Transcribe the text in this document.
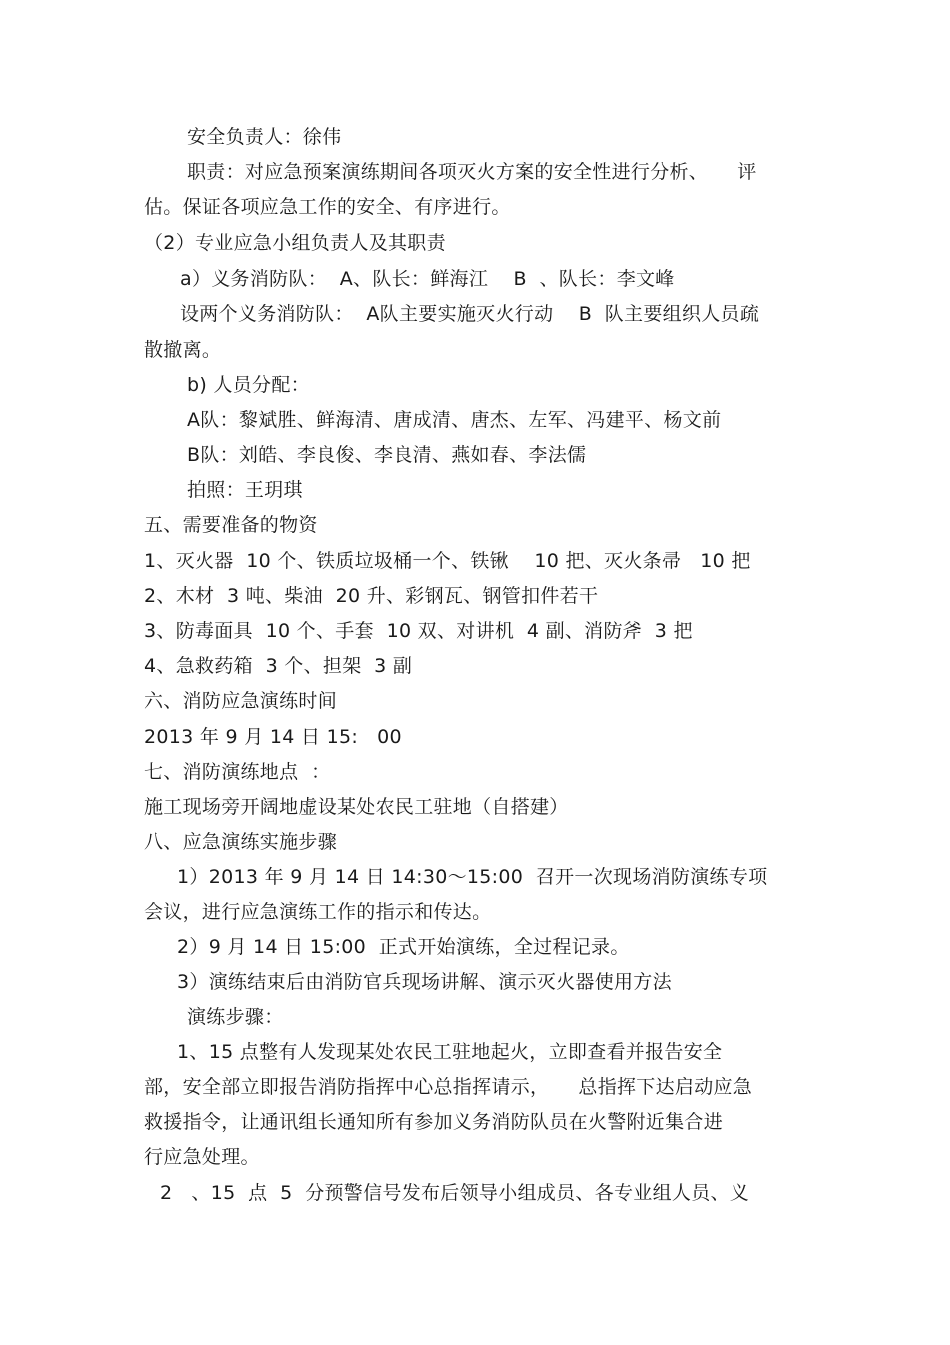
安全负责人：徐伟
职责：对应急预案演练期间各项灭火方案的安全性进行分析、　　评
估。保证各项应急工作的安全、有序进行。
（2）专业应急小组负责人及其职责
a）义务消防队：  A、队长：鲜海江    B  、队长：李文峰
设两个义务消防队：  A队主要实施灭火行动    B  队主要组织人员疏
散撤离。
b) 人员分配：
A队：黎斌胜、鲜海清、唐成清、唐杰、左军、冯建平、杨文前
B队：刘皓、李良俊、李良清、燕如春、李法儒
拍照：王玥琪
五、需要准备的物资
1、灭火器  10 个、铁质垃圾桶一个、铁锹    10 把、灭火条帚   10 把
2、木材  3 吨、柴油  20 升、彩钢瓦、钢管扣件若干
3、防毒面具  10 个、手套  10 双、对讲机  4 副、消防斧  3 把
4、急救药箱  3 个、担架  3 副
六、消防应急演练时间
2013 年 9 月 14 日 15:   00
七、消防演练地点  ：
施工现场旁开阔地虚设某处农民工驻地（自搭建）
八、应急演练实施步骤
1）2013 年 9 月 14 日 14:30～15:00  召开一次现场消防演练专项
会议，进行应急演练工作的指示和传达。
2）9 月 14 日 15:00  正式开始演练，全过程记录。
3）演练结束后由消防官兵现场讲解、演示灭火器使用方法
演练步骤：
1、15 点整有人发现某处农民工驻地起火，立即查看并报告安全
部，安全部立即报告消防指挥中心总指挥请示，　　总指挥下达启动应急
救援指令，让通讯组长通知所有参加义务消防队员在火警附近集合进
行应急处理。
2   、15  点  5  分预警信号发布后领导小组成员、各专业组人员、义
